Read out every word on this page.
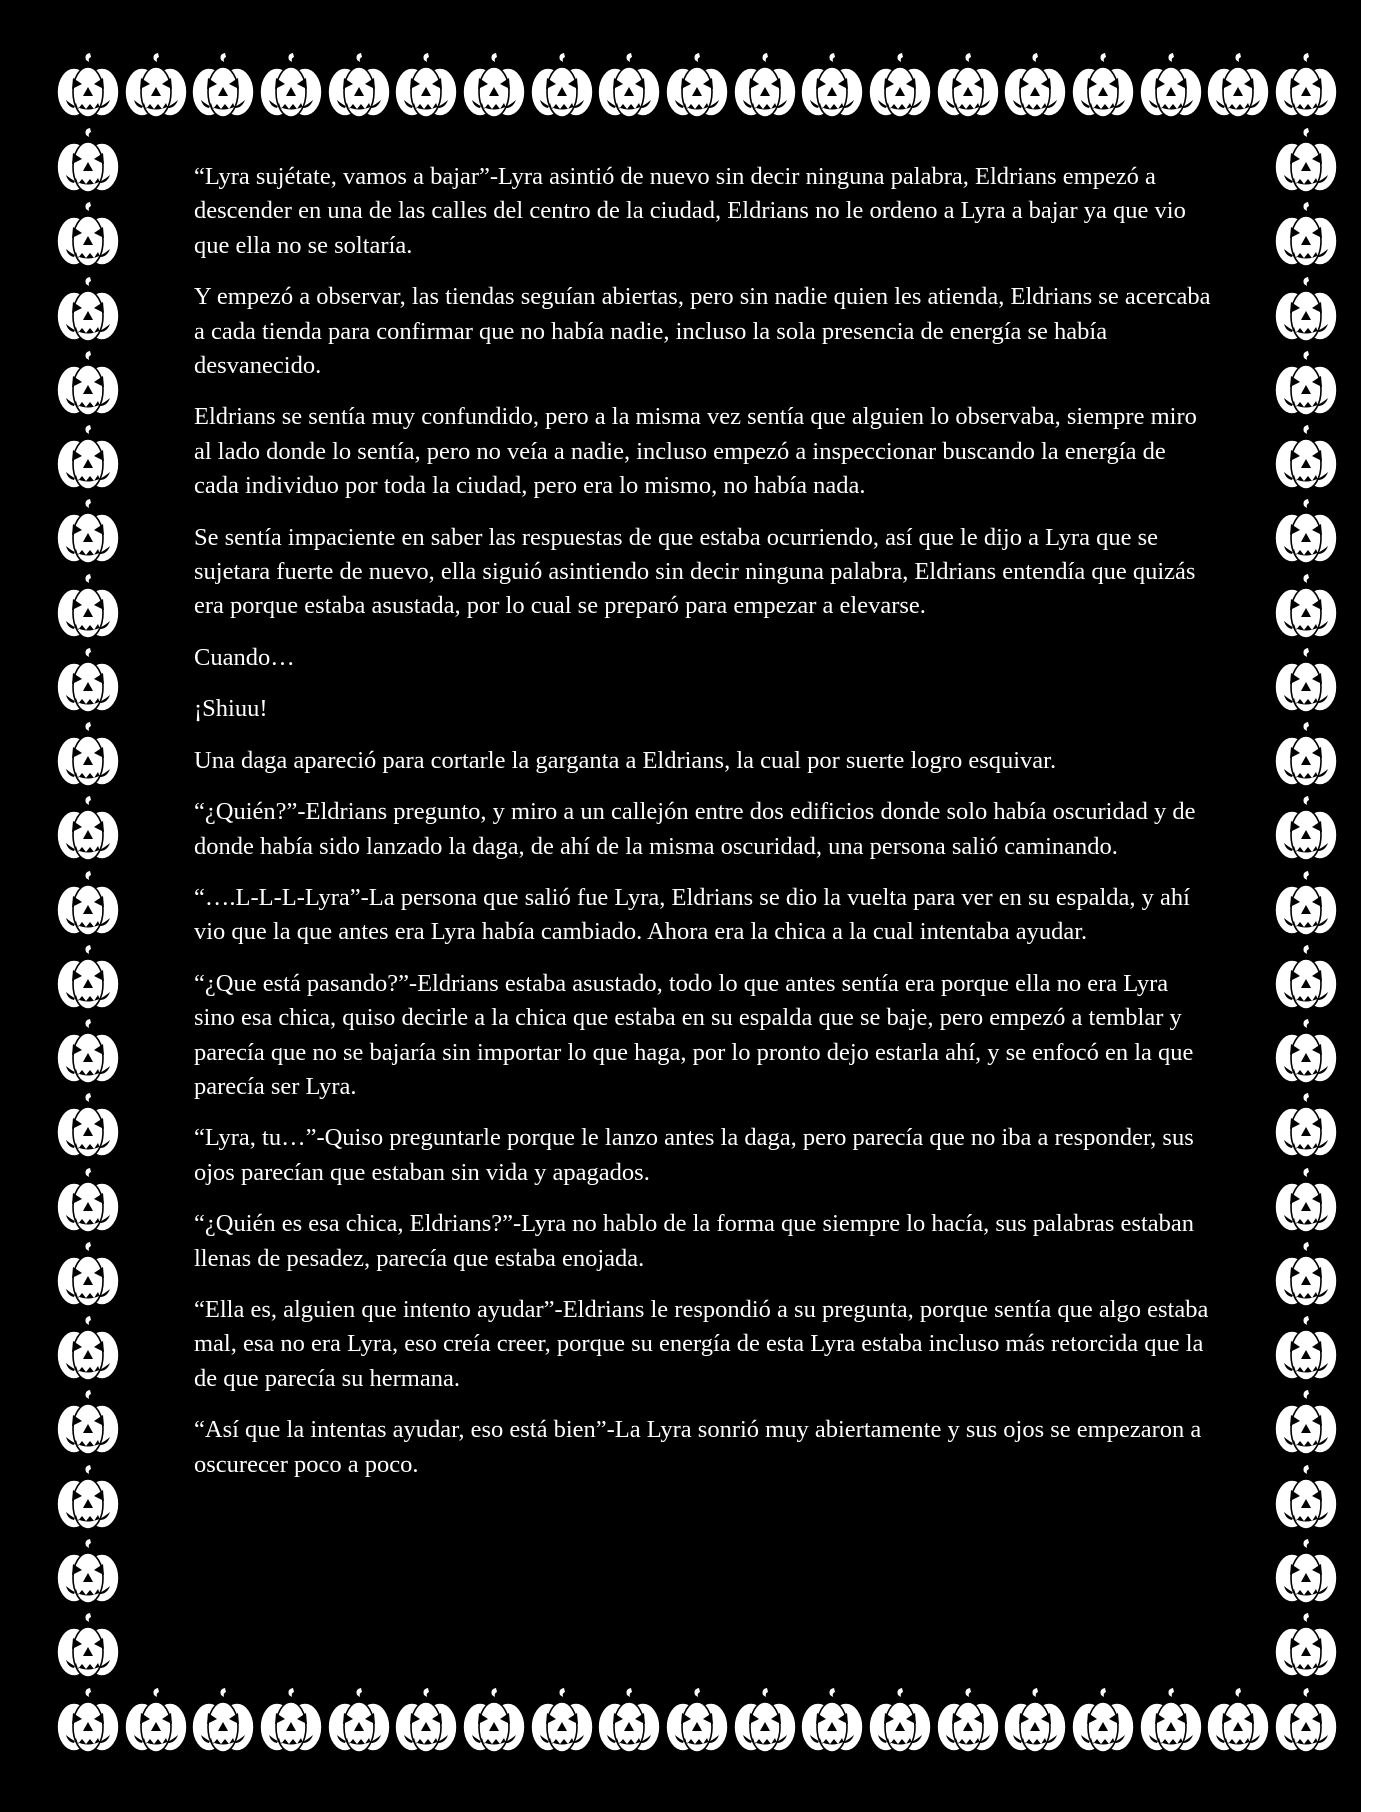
“Lyra sujétate, vamos a bajar”-Lyra asintió de nuevo sin decir ninguna palabra, Eldrians empezó a descender en una de las calles del centro de la ciudad, Eldrians no le ordeno a Lyra a bajar ya que vio que ella no se soltaría.

Y empezó a observar, las tiendas seguían abiertas, pero sin nadie quien les atienda, Eldrians se acercaba a cada tienda para confirmar que no había nadie, incluso la sola presencia de energía se había desvanecido.

Eldrians se sentía muy confundido, pero a la misma vez sentía que alguien lo observaba, siempre miro al lado donde lo sentía, pero no veía a nadie, incluso empezó a inspeccionar buscando la energía de cada individuo por toda la ciudad, pero era lo mismo, no había nada.

Se sentía impaciente en saber las respuestas de que estaba ocurriendo, así que le dijo a Lyra que se sujetara fuerte de nuevo, ella siguió asintiendo sin decir ninguna palabra, Eldrians entendía que quizás era porque estaba asustada, por lo cual se preparó para empezar a elevarse.

Cuando…

¡Shiuu!

Una daga apareció para cortarle la garganta a Eldrians, la cual por suerte logro esquivar.

“¿Quién?”-Eldrians pregunto, y miro a un callejón entre dos edificios donde solo había oscuridad y de donde había sido lanzado la daga, de ahí de la misma oscuridad, una persona salió caminando.

“….L-L-L-Lyra”-La persona que salió fue Lyra, Eldrians se dio la vuelta para ver en su espalda, y ahí vio que la que antes era Lyra había cambiado. Ahora era la chica a la cual intentaba ayudar.

“¿Que está pasando?”-Eldrians estaba asustado, todo lo que antes sentía era porque ella no era Lyra sino esa chica, quiso decirle a la chica que estaba en su espalda que se baje, pero empezó a temblar y parecía que no se bajaría sin importar lo que haga, por lo pronto dejo estarla ahí, y se enfocó en la que parecía ser Lyra.

“Lyra, tu…”-Quiso preguntarle porque le lanzo antes la daga, pero parecía que no iba a responder, sus ojos parecían que estaban sin vida y apagados.

“¿Quién es esa chica, Eldrians?”-Lyra no hablo de la forma que siempre lo hacía, sus palabras estaban llenas de pesadez, parecía que estaba enojada.

“Ella es, alguien que intento ayudar”-Eldrians le respondió a su pregunta, porque sentía que algo estaba mal, esa no era Lyra, eso creía creer, porque su energía de esta Lyra estaba incluso más retorcida que la de que parecía su hermana.

“Así que la intentas ayudar, eso está bien”-La Lyra sonrió muy abiertamente y sus ojos se empezaron a oscurecer poco a poco.
